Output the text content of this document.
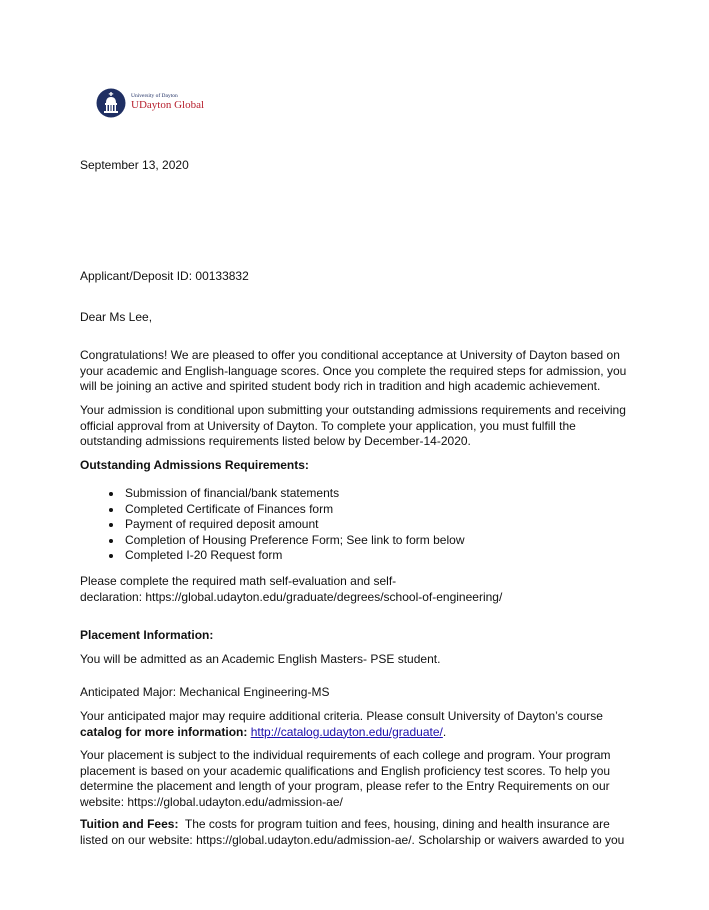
University of Dayton
UDayton Global

September 13, 2020

Applicant/Deposit ID: 00133832

Dear Ms Lee,

Congratulations! We are pleased to offer you conditional acceptance at University of Dayton based on
your academic and English-language scores. Once you complete the required steps for admission, you
will be joining an active and spirited student body rich in tradition and high academic achievement.
Your admission is conditional upon submitting your outstanding admissions requirements and receiving
official approval from at University of Dayton. To complete your application, you must fulfill the
outstanding admissions requirements listed below by December-14-2020.

Outstanding Admissions Requirements:

• Submission of financial/bank statements
• Completed Certificate of Finances form
• Payment of required deposit amount
• Completion of Housing Preference Form; See link to form below
• Completed I-20 Request form
Please complete the required math self-evaluation and self-
declaration: https://global.udayton.edu/graduate/degrees/school-of-engineering/

Placement Information:

You will be admitted as an Academic English Masters- PSE student.

Anticipated Major: Mechanical Engineering-MS

Your anticipated major may require additional criteria. Please consult University of Dayton’s course
catalog for more information: http://catalog.udayton.edu/graduate/.
Your placement is subject to the individual requirements of each college and program. Your program
placement is based on your academic qualifications and English proficiency test scores. To help you
determine the placement and length of your program, please refer to the Entry Requirements on our
website: https://global.udayton.edu/admission-ae/
Tuition and Fees:  The costs for program tuition and fees, housing, dining and health insurance are
listed on our website: https://global.udayton.edu/admission-ae/. Scholarship or waivers awarded to you
